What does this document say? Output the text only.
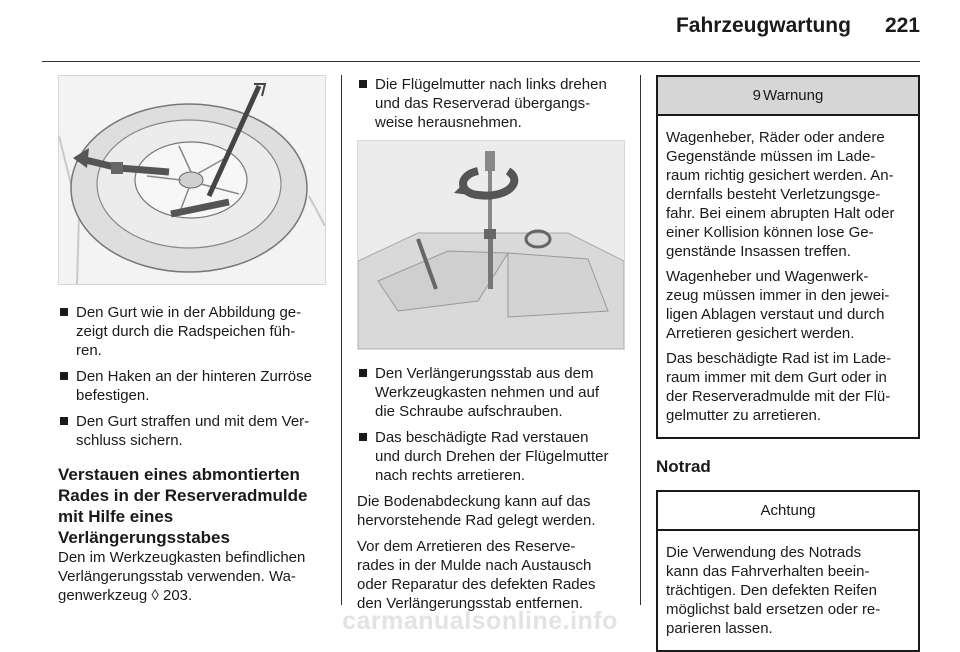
Fahrzeugwartung 221

Den Gurt wie in der Abbildung ge-
zeigt durch die Radspeichen füh-
ren.

Den Haken an der hinteren Zurröse
befestigen.

Den Gurt straffen und mit dem Ver-
schluss sichern.

Verstauen eines abmontierten
Rades in der Reserveradmulde
mit Hilfe eines
Verlängerungsstabes

Den im Werkzeugkasten befindlichen
Verlängerungsstab verwenden. Wa-
genwerkzeug ◊ 203.

Die Flügelmutter nach links drehen
und das Reserverad übergangs-
weise herausnehmen.

Den Verlängerungsstab aus dem
Werkzeugkasten nehmen und auf
die Schraube aufschrauben.

Das beschädigte Rad verstauen
und durch Drehen der Flügelmutter
nach rechts arretieren.

Die Bodenabdeckung kann auf das
hervorstehende Rad gelegt werden.

Vor dem Arretieren des Reserve-
rades in der Mulde nach Austausch
oder Reparatur des defekten Rades
den Verlängerungsstab entfernen.

9 Warnung

Wagenheber, Räder oder andere
Gegenstände müssen im Lade-
raum richtig gesichert werden. An-
dernfalls besteht Verletzungsge-
fahr. Bei einem abrupten Halt oder
einer Kollision können lose Ge-
genstände Insassen treffen.

Wagenheber und Wagenwerk-
zeug müssen immer in den jewei-
ligen Ablagen verstaut und durch
Arretieren gesichert werden.

Das beschädigte Rad ist im Lade-
raum immer mit dem Gurt oder in
der Reserveradmulde mit der Flü-
gelmutter zu arretieren.

Notrad
Achtung

Die Verwendung des Notrads
kann das Fahrverhalten beein-
trächtigen. Den defekten Reifen
möglichst bald ersetzen oder re-
parieren lassen.

carmanualsonline.info
